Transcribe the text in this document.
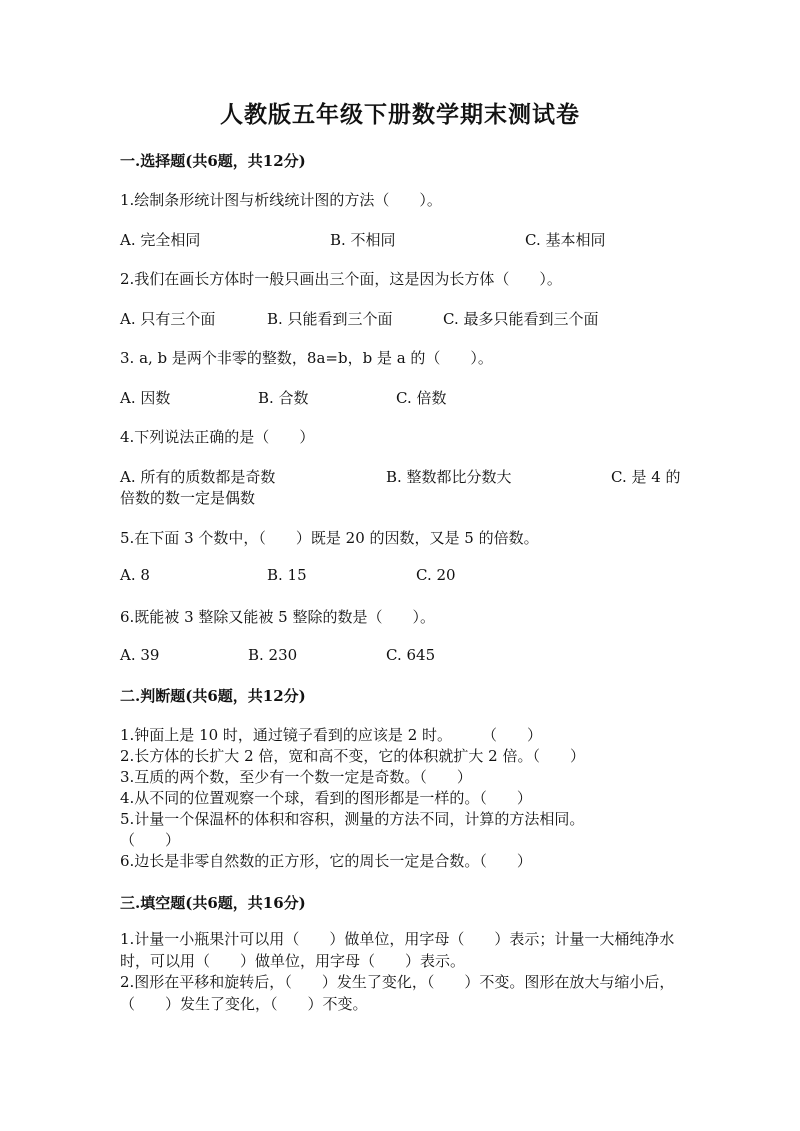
人教版五年级下册数学期末测试卷
一.选择题(共6题，共12分)
1.绘制条形统计图与析线统计图的方法（　　）。
A. 完全相同	B. 不相同	C. 基本相同
2.我们在画长方体时一般只画出三个面，这是因为长方体（　　）。
A. 只有三个面	B. 只能看到三个面	C. 最多只能看到三个面
3. a, b 是两个非零的整数，8a=b，b 是 a 的（　　）。
A. 因数	B. 合数	C. 倍数
4.下列说法正确的是（　　）
A. 所有的质数都是奇数	B. 整数都比分数大	C. 是 4 的
倍数的数一定是偶数
5.在下面 3 个数中，（　　）既是 20 的因数，又是 5 的倍数。
A. 8	B. 15	C. 20
6.既能被 3 整除又能被 5 整除的数是（　　）。
A. 39	B. 230	C. 645
二.判断题(共6题，共12分)
1.钟面上是 10 时，通过镜子看到的应该是 2 时。　　　（　　）
2.长方体的长扩大 2 倍，宽和高不变，它的体积就扩大 2 倍。（　　）
3.互质的两个数，至少有一个数一定是奇数。（　　）
4.从不同的位置观察一个球，看到的图形都是一样的。（　　）
5.计量一个保温杯的体积和容积，测量的方法不同，计算的方法相同。
（　　）
6.边长是非零自然数的正方形，它的周长一定是合数。（　　）
三.填空题(共6题，共16分)
1.计量一小瓶果汁可以用（　　）做单位，用字母（　　）表示；计量一大桶纯净水时，可以用（　　）做单位，用字母（　　）表示。
2.图形在平移和旋转后，（　　）发生了变化，（　　）不变。图形在放大与缩小后，（　　）发生了变化，（　　）不变。
